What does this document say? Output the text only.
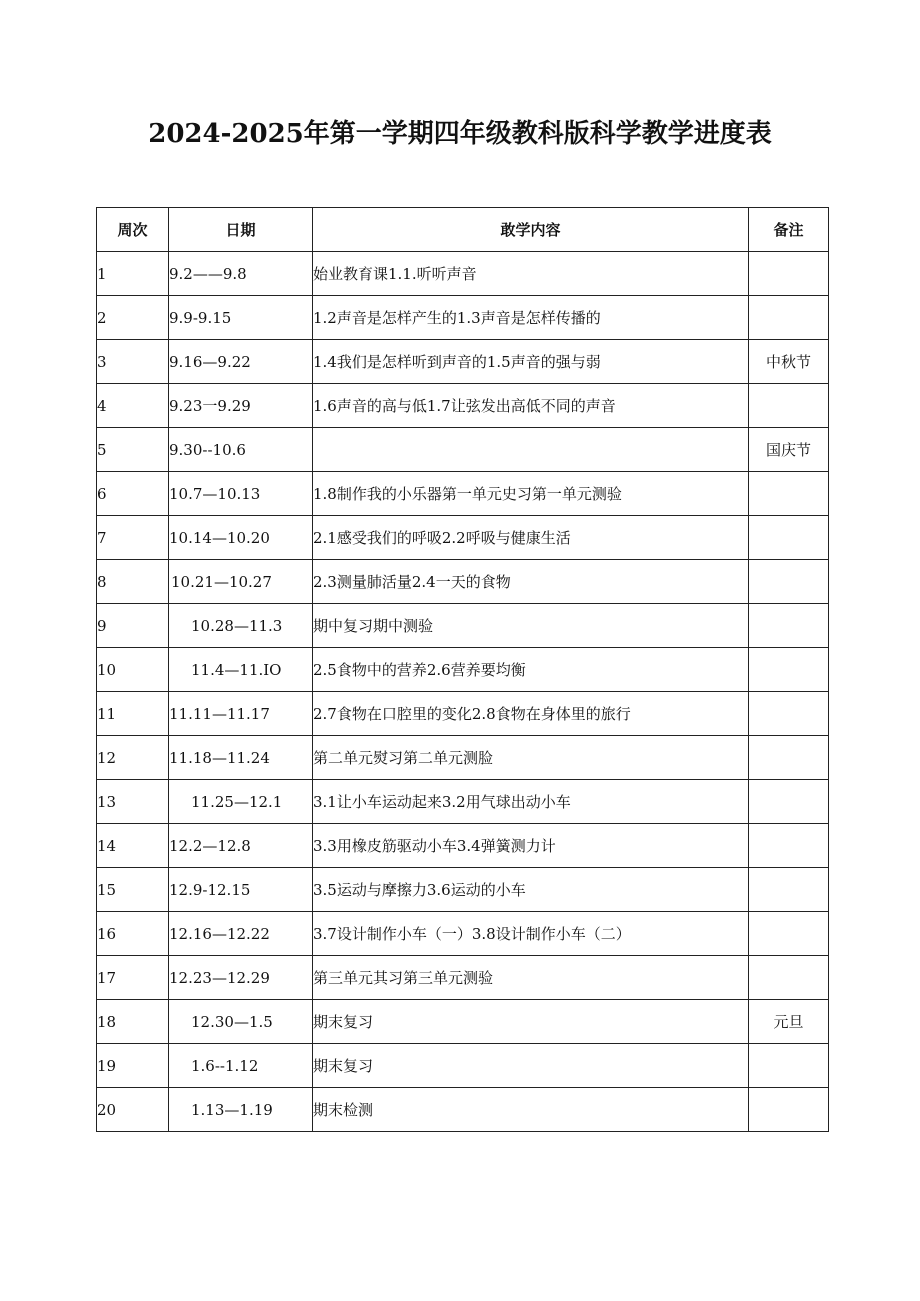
2024-2025年第一学期四年级教科版科学教学进度表
周次	日期	敢学内容	备注
1	9.2——9.8	始业教育课1.1.听听声音	
2	9.9-9.15	1.2声音是怎样产生的1.3声音是怎样传播的	
3	9.16—9.22	1.4我们是怎样听到声音的1.5声音的强与弱	中秋节
4	9.23一9.29	1.6声音的高与低1.7让弦发出高低不同的声音	
5	9.30--10.6		国庆节
6	10.7—10.13	1.8制作我的小乐器第一单元史习第一单元测验	
7	10.14—10.20	2.1感受我们的呼吸2.2呼吸与健康生活	
8	10.21—10.27	2.3测量肺活量2.4一天的食物	
9	10.28—11.3	期中复习期中测验	
10	11.4—11.IO	2.5食物中的营养2.6营养要均衡	
11	11.11—11.17	2.7食物在口腔里的变化2.8食物在身体里的旅行	
12	11.18—11.24	第二单元熨习第二单元测脸	
13	11.25—12.1	3.1让小车运动起来3.2用气球出动小车	
14	12.2—12.8	3.3用橡皮筋驱动小车3.4弹簧测力计	
15	12.9-12.15	3.5运动与摩擦力3.6运动的小车	
16	12.16—12.22	3.7设计制作小车（一）3.8设计制作小车（二）	
17	12.23—12.29	第三单元其习第三单元测验	
18	12.30—1.5	期末复习	元旦
19	1.6--1.12	期末复习	
20	1.13—1.19	期末检测	
